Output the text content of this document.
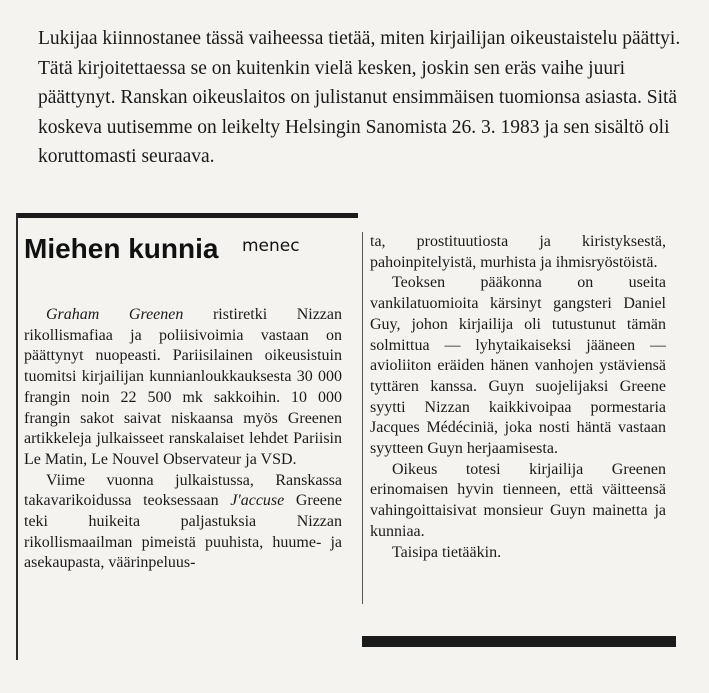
Lukijaa kiinnostanee tässä vaiheessa tietää, miten kirjailijan oikeustaistelu päättyi. Tätä kirjoitettaessa se on kuitenkin vielä kesken, joskin sen eräs vaihe juuri päättynyt. Ranskan oikeuslaitos on julistanut ensimmäisen tuomionsa asiasta. Sitä koskeva uutisemme on leikelty Helsingin Sanomista 26. 3. 1983 ja sen sisältö oli koruttomasti seuraava.

Miehen kunnia	menec

Graham Greenen ristiretki Nizzan rikollismafiaa ja poliisivoimia vastaan on päättynyt nuopeasti. Pariisilainen oikeusistuin tuomitsi kirjailijan kunnianloukkauksesta 30 000 frangin noin 22 500 mk sakkoihin. 10 000 frangin sakot saivat niskaansa myös Greenen artikkeleja julkaisseet ranskalaiset lehdet Pariisin Le Matin, Le Nouvel Observateur ja VSD.

Viime vuonna julkaistussa, Ranskassa takavarikoidussa teoksessaan J'accuse Greene teki huikeita paljastuksia Nizzan rikollismaailman pimeistä puuhista, huume- ja asekaupasta, väärinpeluus-

ta, prostituutiosta ja kiristyksestä, pahoinpitelyistä, murhista ja ihmisryöstöistä.

Teoksen pääkonna on useita vankilatuomioita kärsinyt gangsteri Daniel Guy, johon kirjailija oli tutustunut tämän solmittua — lyhytaikaiseksi jääneen — avioliiton eräiden hänen vanhojen ystäviensä tyttären kanssa. Guyn suojelijaksi Greene syytti Nizzan kaikkivoipaa pormestaria Jacques Médéciniä, joka nosti häntä vastaan syytteen Guyn herjaamisesta.

Oikeus totesi kirjailija Greenen erinomaisen hyvin tienneen, että väitteensä vahingoittaisivat monsieur Guyn mainetta ja kunniaa.

Taisipa tietääkin.
